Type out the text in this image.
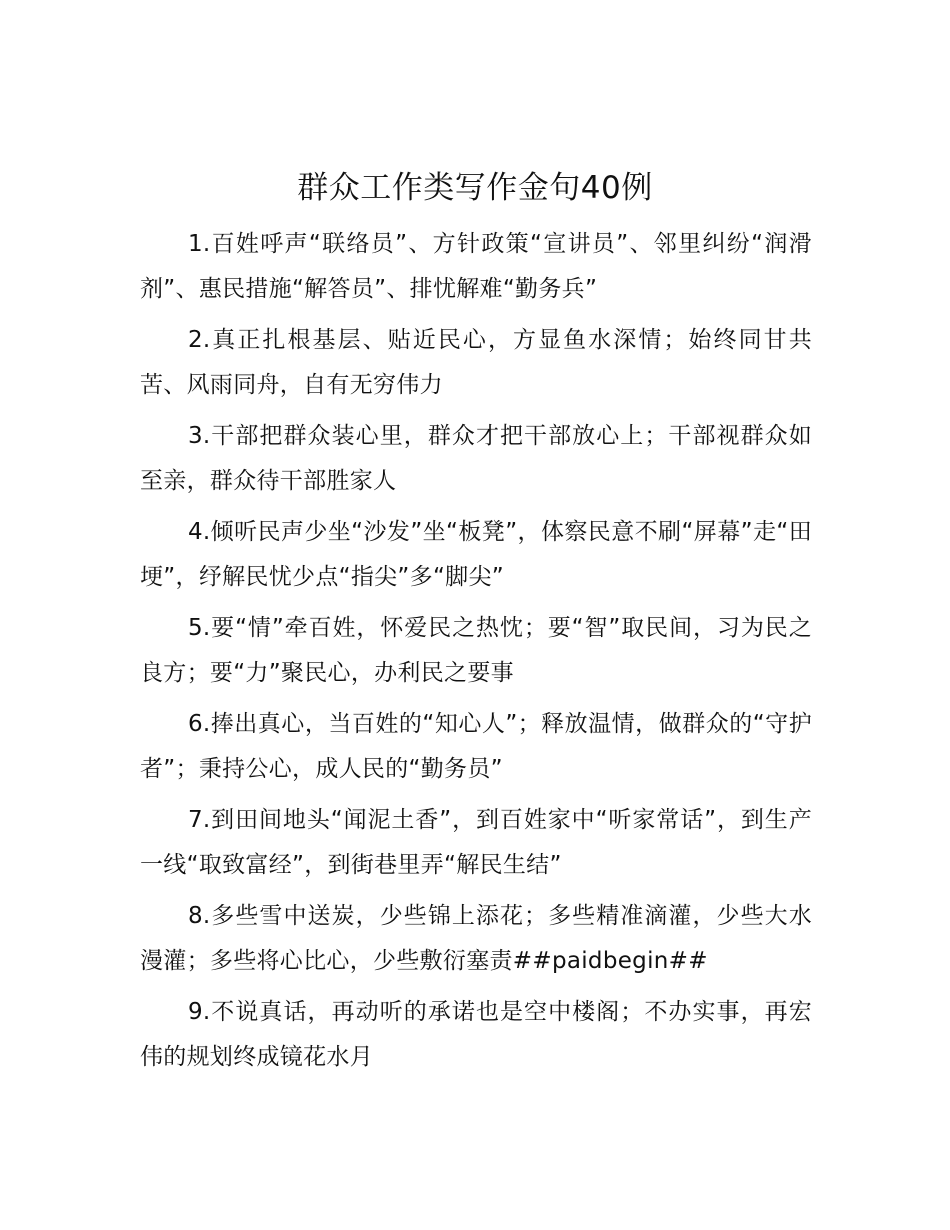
群众工作类写作金句40例

1.百姓呼声“联络员”、方针政策“宣讲员”、邻里纠纷“润滑剂”、惠民措施“解答员”、排忧解难“勤务兵”

2.真正扎根基层、贴近民心，方显鱼水深情；始终同甘共苦、风雨同舟，自有无穷伟力

3.干部把群众装心里，群众才把干部放心上；干部视群众如至亲，群众待干部胜家人

4.倾听民声少坐“沙发”坐“板凳”，体察民意不刷“屏幕”走“田埂”，纾解民忧少点“指尖”多“脚尖”

5.要“情”牵百姓，怀爱民之热忱；要“智”取民间，习为民之良方；要“力”聚民心，办利民之要事

6.捧出真心，当百姓的“知心人”；释放温情，做群众的“守护者”；秉持公心，成人民的“勤务员”

7.到田间地头“闻泥土香”，到百姓家中“听家常话”，到生产一线“取致富经”，到街巷里弄“解民生结”

8.多些雪中送炭，少些锦上添花；多些精准滴灌，少些大水漫灌；多些将心比心，少些敷衍塞责##paidbegin##

9.不说真话，再动听的承诺也是空中楼阁；不办实事，再宏伟的规划终成镜花水月
